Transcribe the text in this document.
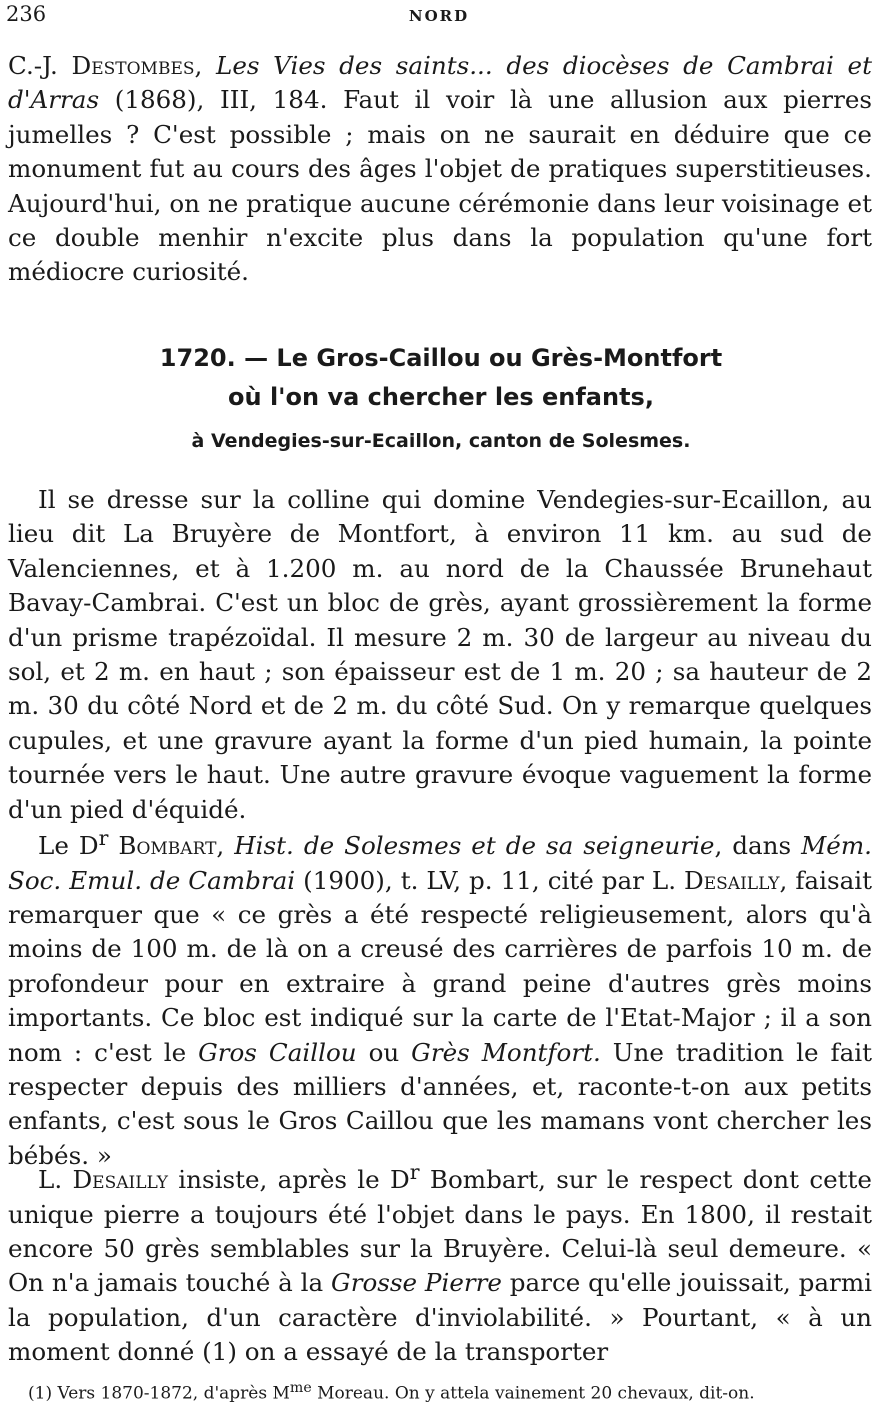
236	NORD

C.-J. Destombes, Les Vies des saints... des diocèses de Cambrai et d'Arras (1868), III, 184. Faut il voir là une allusion aux pierres jumelles ? C'est possible ; mais on ne saurait en déduire que ce monument fut au cours des âges l'objet de pratiques superstitieuses. Aujourd'hui, on ne pratique aucune cérémonie dans leur voisinage et ce double menhir n'excite plus dans la population qu'une fort médiocre curiosité.

1720. — Le Gros-Caillou ou Grès-Montfort
où l'on va chercher les enfants,
à Vendegies-sur-Ecaillon, canton de Solesmes.

Il se dresse sur la colline qui domine Vendegies-sur-Ecaillon, au lieu dit La Bruyère de Montfort, à environ 11 km. au sud de Valenciennes, et à 1.200 m. au nord de la Chaussée Brunehaut Bavay-Cambrai. C'est un bloc de grès, ayant grossièrement la forme d'un prisme trapézoïdal. Il mesure 2 m. 30 de largeur au niveau du sol, et 2 m. en haut ; son épaisseur est de 1 m. 20 ; sa hauteur de 2 m. 30 du côté Nord et de 2 m. du côté Sud. On y remarque quelques cupules, et une gravure ayant la forme d'un pied humain, la pointe tournée vers le haut. Une autre gravure évoque vaguement la forme d'un pied d'équidé.

Le $D^r$ Bombart, Hist. de Solesmes et de sa seigneurie, dans Mém. Soc. Emul. de Cambrai (1900), t. LV, p. 11, cité par L. Desailly, faisait remarquer que « ce grès a été respecté religieusement, alors qu'à moins de 100 m. de là on a creusé des carrières de parfois 10 m. de profondeur pour en extraire à grand peine d'autres grès moins importants. Ce bloc est indiqué sur la carte de l'Etat-Major ; il a son nom : c'est le Gros Caillou ou Grès Montfort. Une tradition le fait respecter depuis des milliers d'années, et, raconte-t-on aux petits enfants, c'est sous le Gros Caillou que les mamans vont chercher les bébés. »

L. Desailly insiste, après le $D^r$ Bombart, sur le respect dont cette unique pierre a toujours été l'objet dans le pays. En 1800, il restait encore 50 grès semblables sur la Bruyère. Celui-là seul demeure. « On n'a jamais touché à la Grosse Pierre parce qu'elle jouissait, parmi la population, d'un caractère d'inviolabilité. » Pourtant, « à un moment donné (1) on a essayé de la transporter

(1) Vers 1870-1872, d'après $M^{me}$ Moreau. On y attela vainement 20 chevaux, dit-on.
